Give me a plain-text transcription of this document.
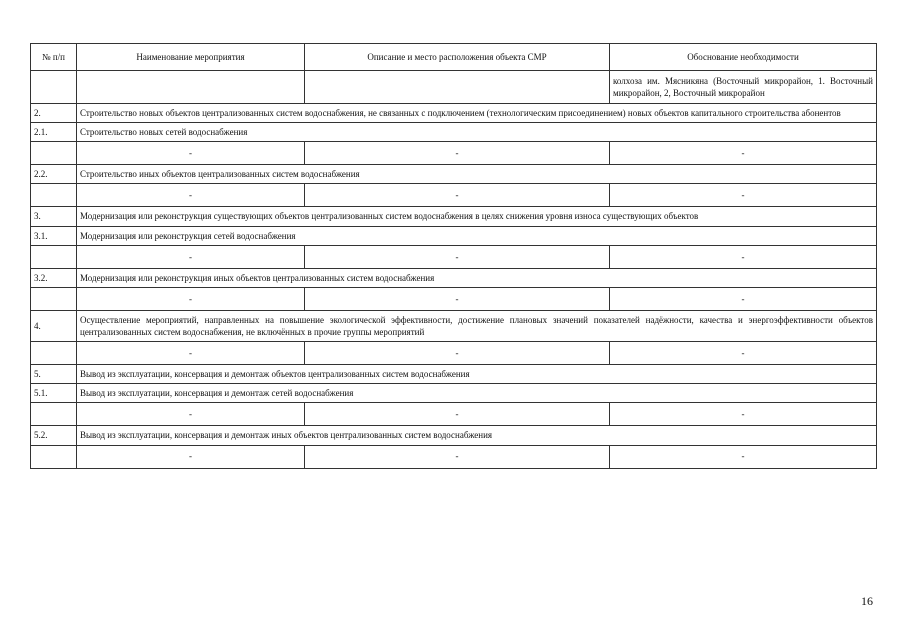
№ п/п	Наименование мероприятия	Описание и место расположения объекта СМР	Обоснование необходимости
			колхоза им. Мясникяна (Восточный микрорайон, 1. Восточный микрорайон, 2, Восточный микрорайон
2.	Строительство новых объектов централизованных систем водоснабжения, не связанных с подключением (технологическим присоединением) новых объектов капитального строительства абонентов		
2.1.	Строительство новых сетей водоснабжения		
	-	-	-
2.2.	Строительство иных объектов централизованных систем водоснабжения		
	-	-	-
3.	Модернизация или реконструкция существующих объектов централизованных систем водоснабжения в целях снижения уровня износа существующих объектов		
3.1.	Модернизация или реконструкция сетей водоснабжения		
	-	-	-
3.2.	Модернизация или реконструкция иных объектов централизованных систем водоснабжения		
	-	-	-
4.	Осуществление мероприятий, направленных на повышение экологической эффективности, достижение плановых значений показателей надёжности, качества и энергоэффективности объектов централизованных систем водоснабжения, не включённых в прочие группы мероприятий		
	-	-	-
5.	Вывод из эксплуатации, консервация и демонтаж объектов централизованных систем водоснабжения		
5.1.	Вывод из эксплуатации, консервация и демонтаж сетей водоснабжения		
	-	-	-
5.2.	Вывод из эксплуатации, консервация и демонтаж иных объектов централизованных систем водоснабжения		
	-	-	-
16
